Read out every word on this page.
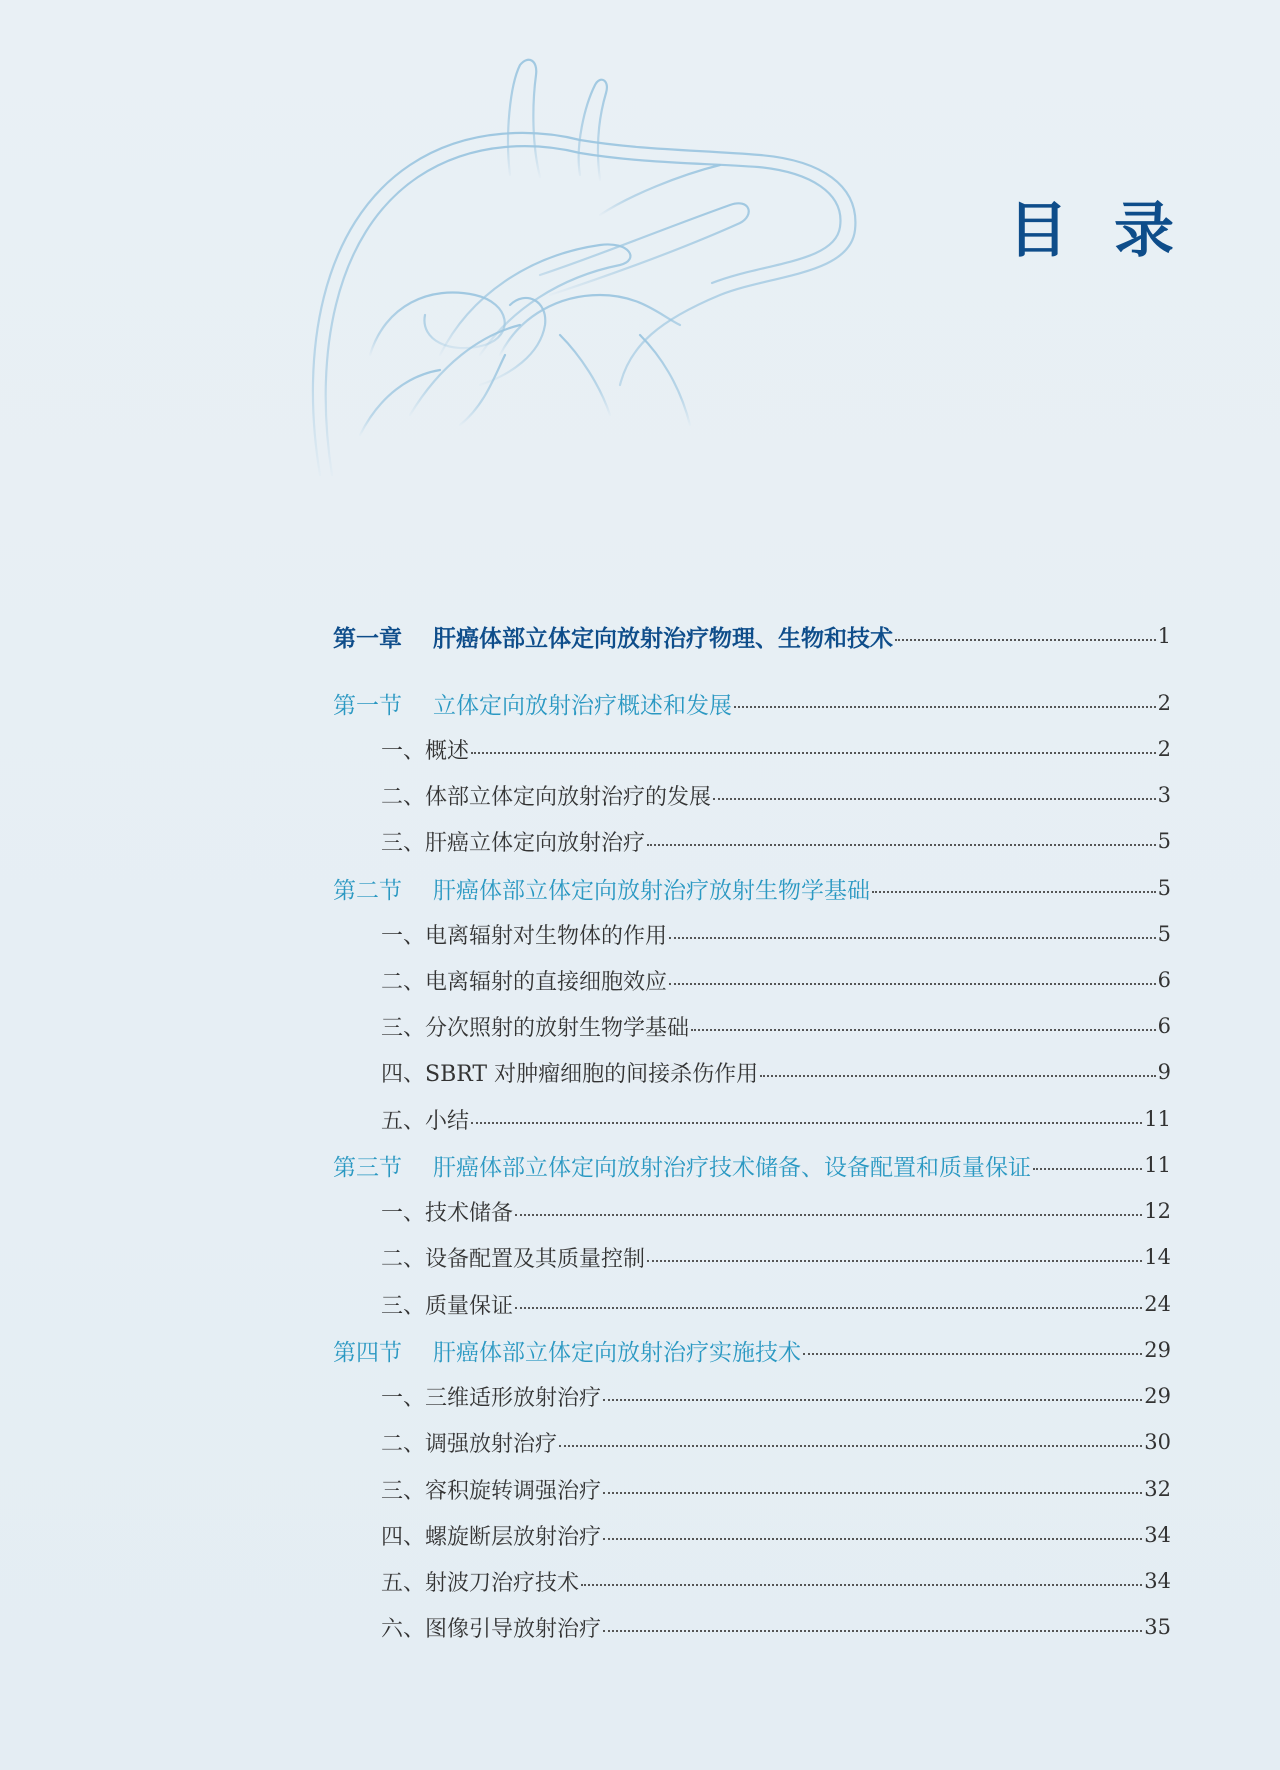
目 录
第一章 肝癌体部立体定向放射治疗物理、生物和技术	1
第一节 立体定向放射治疗概述和发展	2
一、概述	2
二、体部立体定向放射治疗的发展	3
三、肝癌立体定向放射治疗	5
第二节 肝癌体部立体定向放射治疗放射生物学基础	5
一、电离辐射对生物体的作用	5
二、电离辐射的直接细胞效应	6
三、分次照射的放射生物学基础	6
四、SBRT 对肿瘤细胞的间接杀伤作用	9
五、小结	11
第三节 肝癌体部立体定向放射治疗技术储备、设备配置和质量保证	11
一、技术储备	12
二、设备配置及其质量控制	14
三、质量保证	24
第四节 肝癌体部立体定向放射治疗实施技术	29
一、三维适形放射治疗	29
二、调强放射治疗	30
三、容积旋转调强治疗	32
四、螺旋断层放射治疗	34
五、射波刀治疗技术	34
六、图像引导放射治疗	35
